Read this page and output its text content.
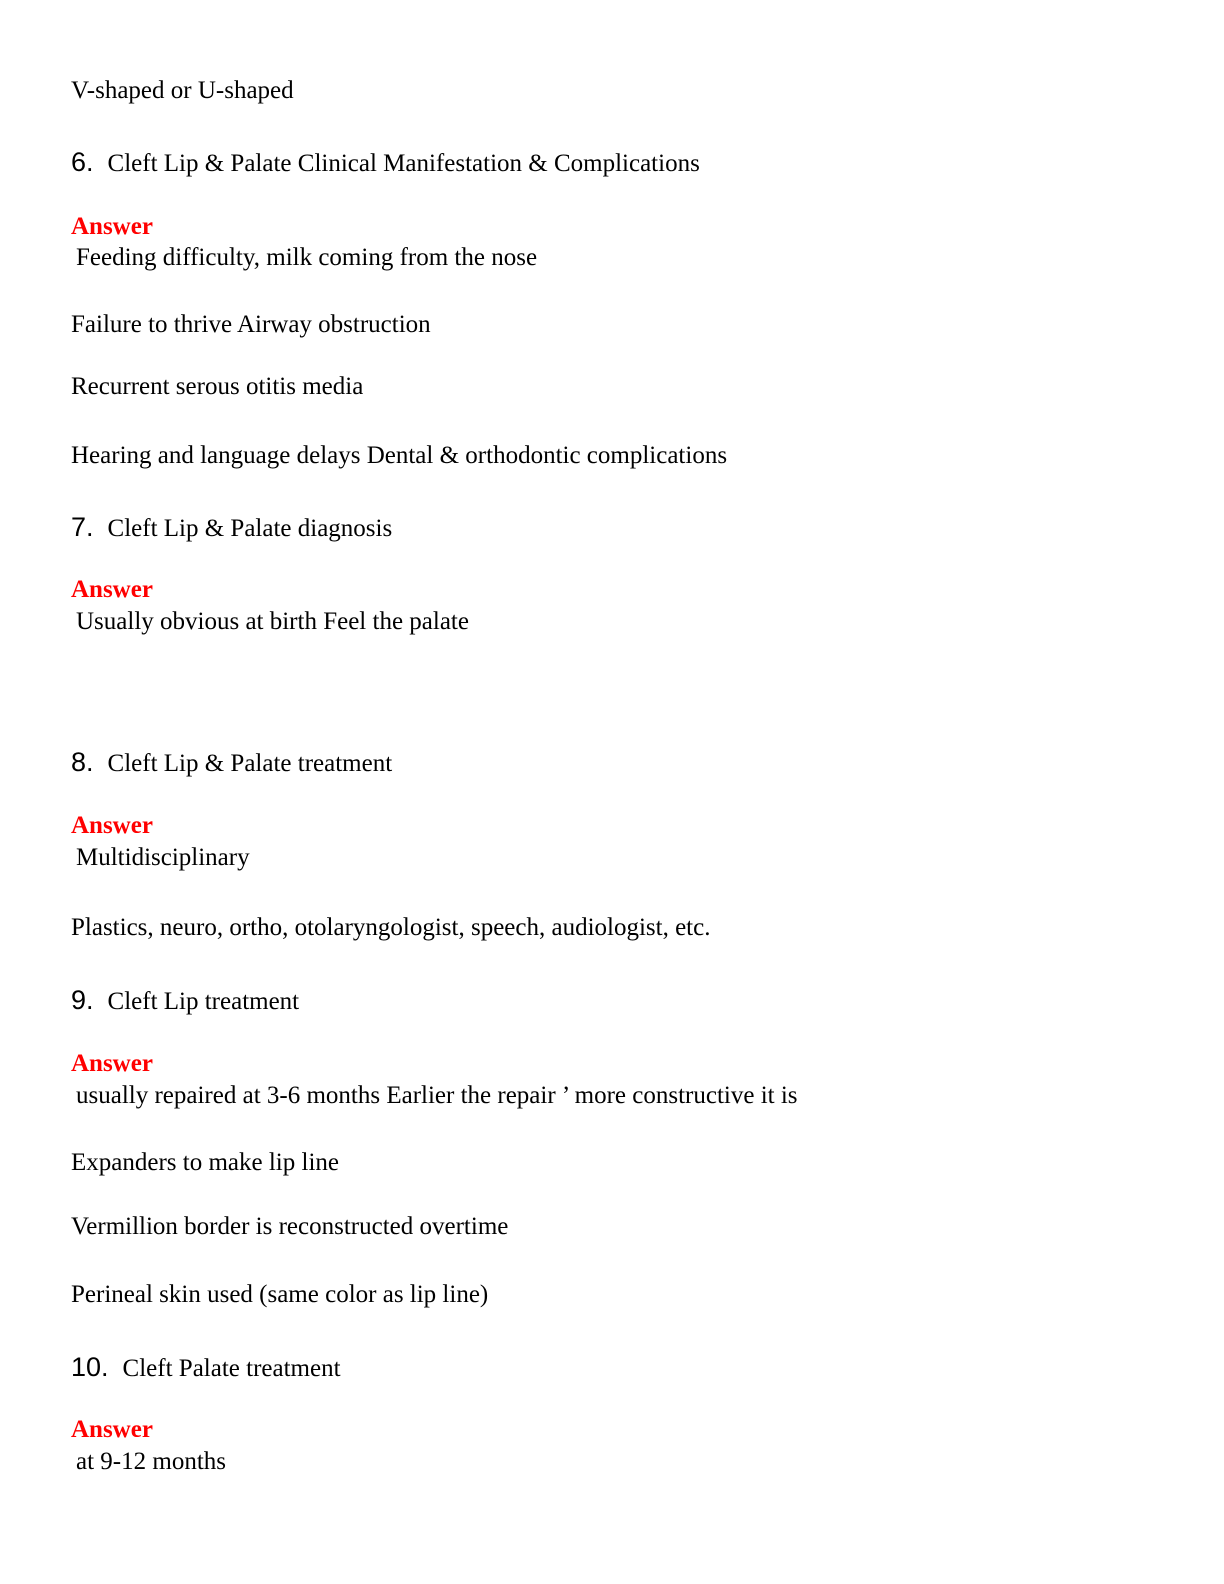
V-shaped or U-shaped
6. Cleft Lip & Palate Clinical Manifestation & Complications
Answer
Feeding difficulty, milk coming from the nose
Failure to thrive Airway obstruction
Recurrent serous otitis media
Hearing and language delays Dental & orthodontic complications
7. Cleft Lip & Palate diagnosis
Answer
Usually obvious at birth Feel the palate
8. Cleft Lip & Palate treatment
Answer
Multidisciplinary
Plastics, neuro, ortho, otolaryngologist, speech, audiologist, etc.
9. Cleft Lip treatment
Answer
usually repaired at 3-6 months Earlier the repair ’ more constructive it is
Expanders to make lip line
Vermillion border is reconstructed overtime
Perineal skin used (same color as lip line)
10. Cleft Palate treatment
Answer
at 9-12 months
